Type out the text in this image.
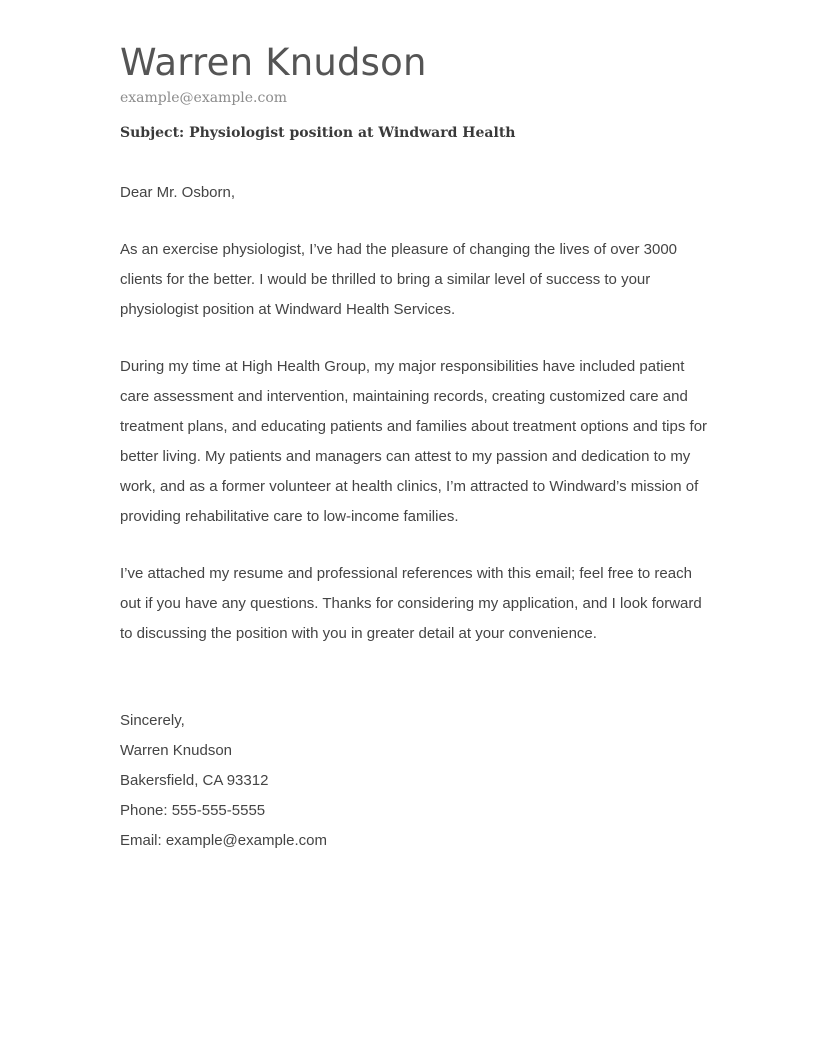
Warren Knudson
example@example.com
Subject: Physiologist position at Windward Health
Dear Mr. Osborn,
As an exercise physiologist, I’ve had the pleasure of changing the lives of over 3000 clients for the better. I would be thrilled to bring a similar level of success to your physiologist position at Windward Health Services.
During my time at High Health Group, my major responsibilities have included patient care assessment and intervention, maintaining records, creating customized care and treatment plans, and educating patients and families about treatment options and tips for better living. My patients and managers can attest to my passion and dedication to my work, and as a former volunteer at health clinics, I’m attracted to Windward’s mission of providing rehabilitative care to low-income families.
I’ve attached my resume and professional references with this email; feel free to reach out if you have any questions. Thanks for considering my application, and I look forward to discussing the position with you in greater detail at your convenience.
Sincerely,
Warren Knudson
Bakersfield, CA 93312
Phone: 555-555-5555
Email: example@example.com
